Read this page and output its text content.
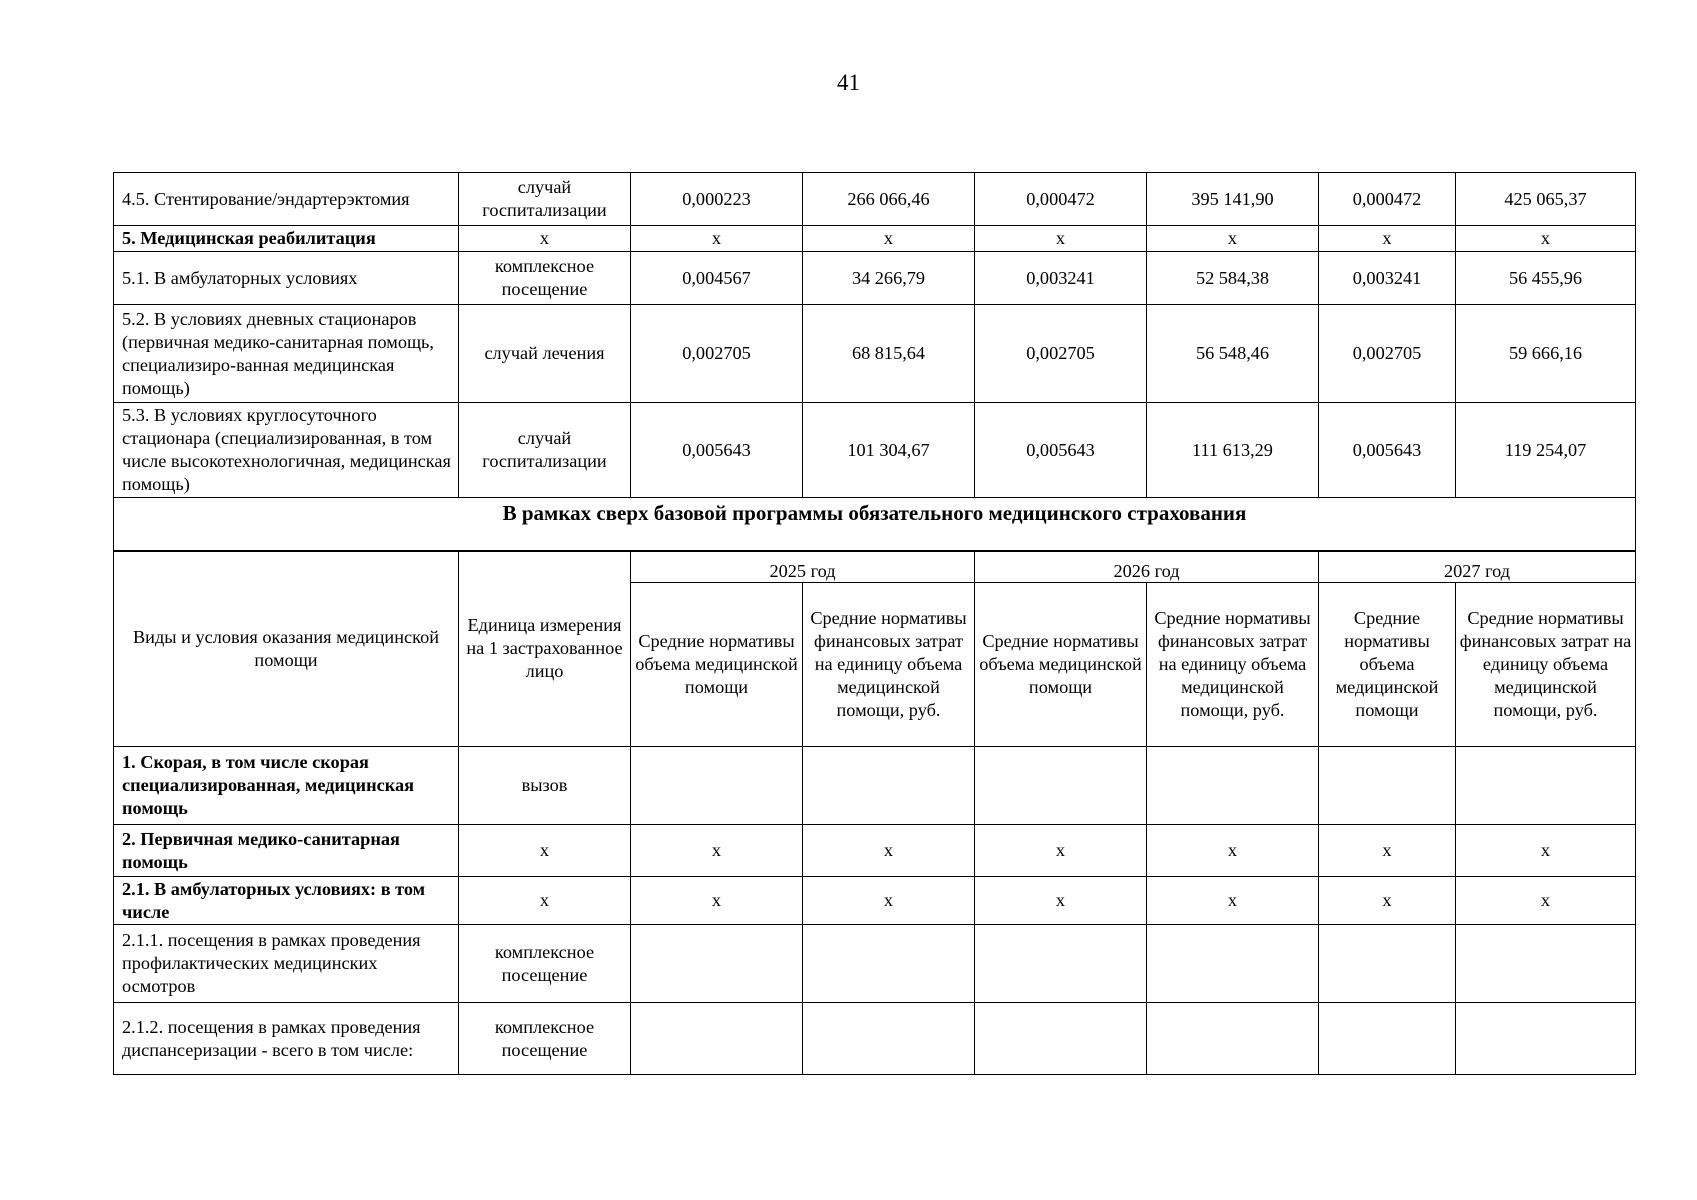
41
4.5. Стентирование/эндартерэктомия	случай госпитализации	0,000223	266 066,46	0,000472	395 141,90	0,000472	425 065,37
5. Медицинская реабилитация	х	х	х	х	х	х	х
5.1. В амбулаторных условиях	комплексное посещение	0,004567	34 266,79	0,003241	52 584,38	0,003241	56 455,96
5.2. В условиях дневных стационаров (первичная медико-санитарная помощь, специализиро-ванная медицинская помощь)	случай лечения	0,002705	68 815,64	0,002705	56 548,46	0,002705	59 666,16
5.3. В условиях круглосуточного стационара (специализированная, в том числе высокотехнологичная, медицинская помощь)	случай госпитализации	0,005643	101 304,67	0,005643	111 613,29	0,005643	119 254,07
В рамках сверх базовой программы обязательного медицинского страхования							
Виды и условия оказания медицинской помощи	Единица измерения на 1 застрахованное лицо	2025 год		2026 год		2027 год	
		Средние нормативы объема медицинской помощи	Средние нормативы финансовых затрат на единицу объема медицинской помощи, руб.	Средние нормативы объема медицинской помощи	Средние нормативы финансовых затрат на единицу объема медицинской помощи, руб.	Средние нормативы объема медицинской помощи	Средние нормативы финансовых затрат на единицу объема медицинской помощи, руб.
1. Скорая, в том числе скорая специализированная, медицинская помощь	вызов						
2. Первичная медико-санитарная помощь	х	х	х	х	х	х	х
2.1. В амбулаторных условиях: в том числе	х	х	х	х	х	х	х
2.1.1. посещения в рамках проведения профилактических медицинских осмотров	комплексное посещение						
2.1.2. посещения в рамках проведения диспансеризации - всего в том числе:	комплексное посещение						
